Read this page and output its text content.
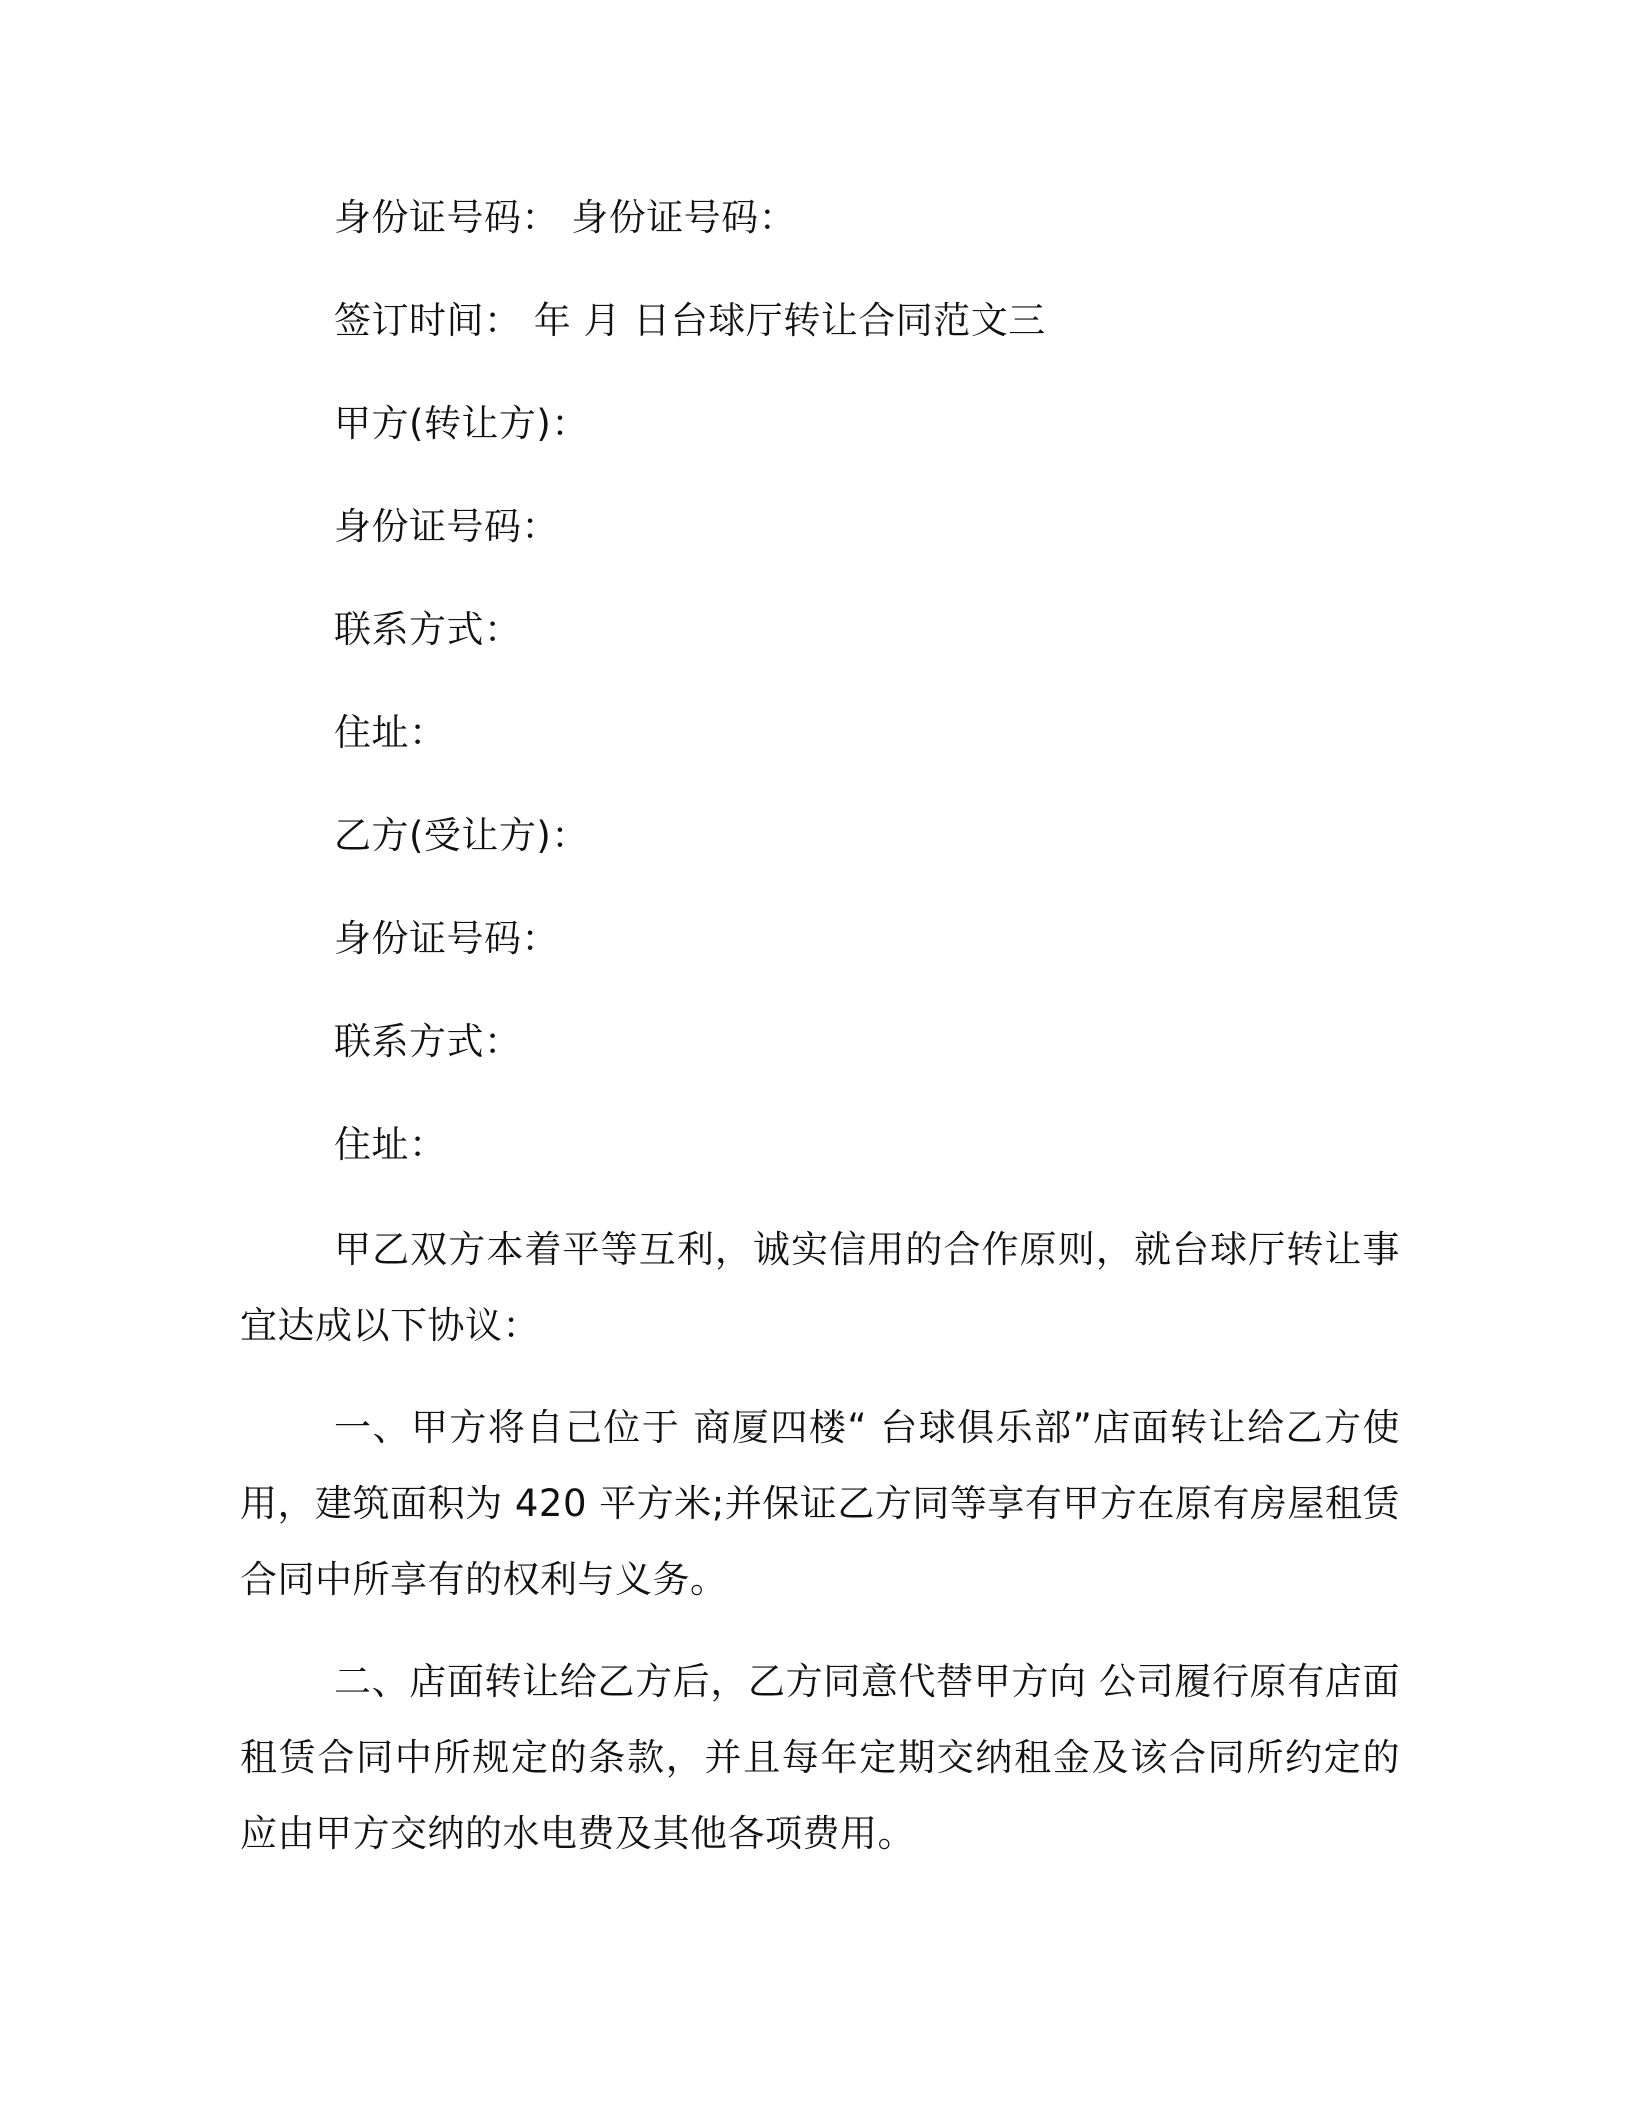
身份证号码： 身份证号码：
签订时间： 年 月 日台球厅转让合同范文三
甲方(转让方)：
身份证号码：
联系方式：
住址：
乙方(受让方)：
身份证号码：
联系方式：
住址：

甲乙双方本着平等互利，诚实信用的合作原则，就台球厅转让事宜达成以下协议：

一、甲方将自己位于 商厦四楼“ 台球俱乐部”店面转让给乙方使用，建筑面积为 420 平方米;并保证乙方同等享有甲方在原有房屋租赁合同中所享有的权利与义务。

二、店面转让给乙方后，乙方同意代替甲方向 公司履行原有店面租赁合同中所规定的条款，并且每年定期交纳租金及该合同所约定的应由甲方交纳的水电费及其他各项费用。
